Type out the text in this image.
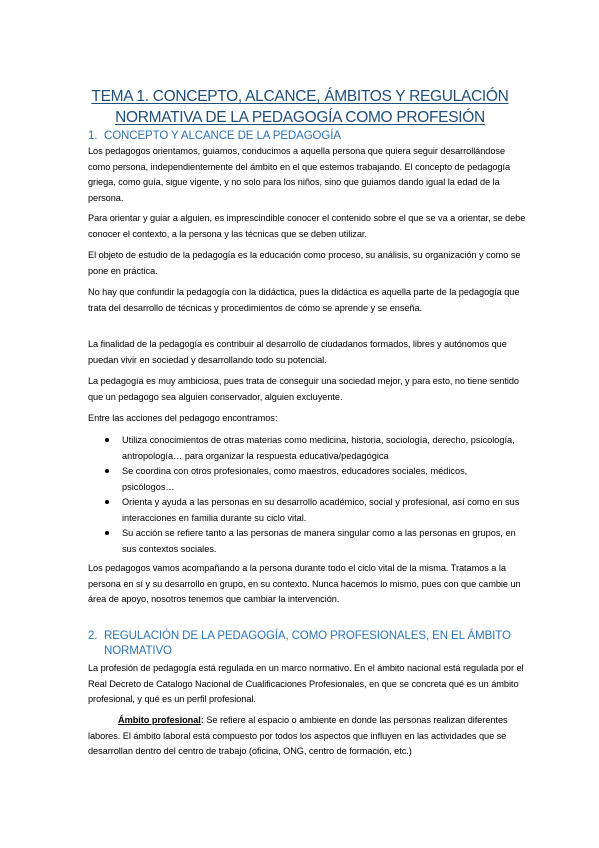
TEMA 1. CONCEPTO, ALCANCE, ÁMBITOS Y REGULACIÓN
NORMATIVA DE LA PEDAGOGÍA COMO PROFESIÓN
1. CONCEPTO Y ALCANCE DE LA PEDAGOGÍA
Los pedagogos orientamos, guiamos, conducimos a aquella persona que quiera seguir desarrollándose como persona, independientemente del ámbito en el que estemos trabajando. El concepto de pedagogía griega, como guía, sigue vigente, y no solo para los niños, sino que guiamos dando igual la edad de la persona.
Para orientar y guiar a alguien, es imprescindible conocer el contenido sobre el que se va a orientar, se debe conocer el contexto, a la persona y las técnicas que se deben utilizar.
El objeto de estudio de la pedagogía es la educación como proceso, su análisis, su organización y como se pone en práctica.
No hay que confundir la pedagogía con la didáctica, pues la didáctica es aquella parte de la pedagogía que trata del desarrollo de técnicas y procedimientos de cómo se aprende y se enseña.
La finalidad de la pedagogía es contribuir al desarrollo de ciudadanos formados, libres y autónomos que puedan vivir en sociedad y desarrollando todo su potencial.
La pedagogía es muy ambiciosa, pues trata de conseguir una sociedad mejor, y para esto, no tiene sentido que un pedagogo sea alguien conservador, alguien excluyente.
Entre las acciones del pedagogo encontramos:
Utiliza conocimientos de otras materias como medicina, historia, sociología, derecho, psicología, antropología… para organizar la respuesta educativa/pedagógica
Se coordina con otros profesionales, como maestros, educadores sociales, médicos, psicólogos…
Orienta y ayuda a las personas en su desarrollo académico, social y profesional, así como en sus interacciones en familia durante su ciclo vital.
Su acción se refiere tanto a las personas de manera singular como a las personas en grupos, en sus contextos sociales.
Los pedagogos vamos acompañando a la persona durante todo el ciclo vital de la misma. Tratamos a la persona en sí y su desarrollo en grupo, en su contexto. Nunca hacemos lo mismo, pues con que cambie un área de apoyo, nosotros tenemos que cambiar la intervención.
2. REGULACIÓN DE LA PEDAGOGÍA, COMO PROFESIONALES, EN EL ÁMBITO NORMATIVO
La profesión de pedagogía está regulada en un marco normativo. En el ámbito nacional está regulada por el Real Decreto de Catalogo Nacional de Cualificaciones Profesionales, en que se concreta qué es un ámbito profesional, y qué es un perfil profesional.
Ámbito profesional: Se refiere al espacio o ambiente en donde las personas realizan diferentes labores. El ámbito laboral está compuesto por todos los aspectos que influyen en las actividades que se desarrollan dentro del centro de trabajo (oficina, ONG, centro de formación, etc.)
